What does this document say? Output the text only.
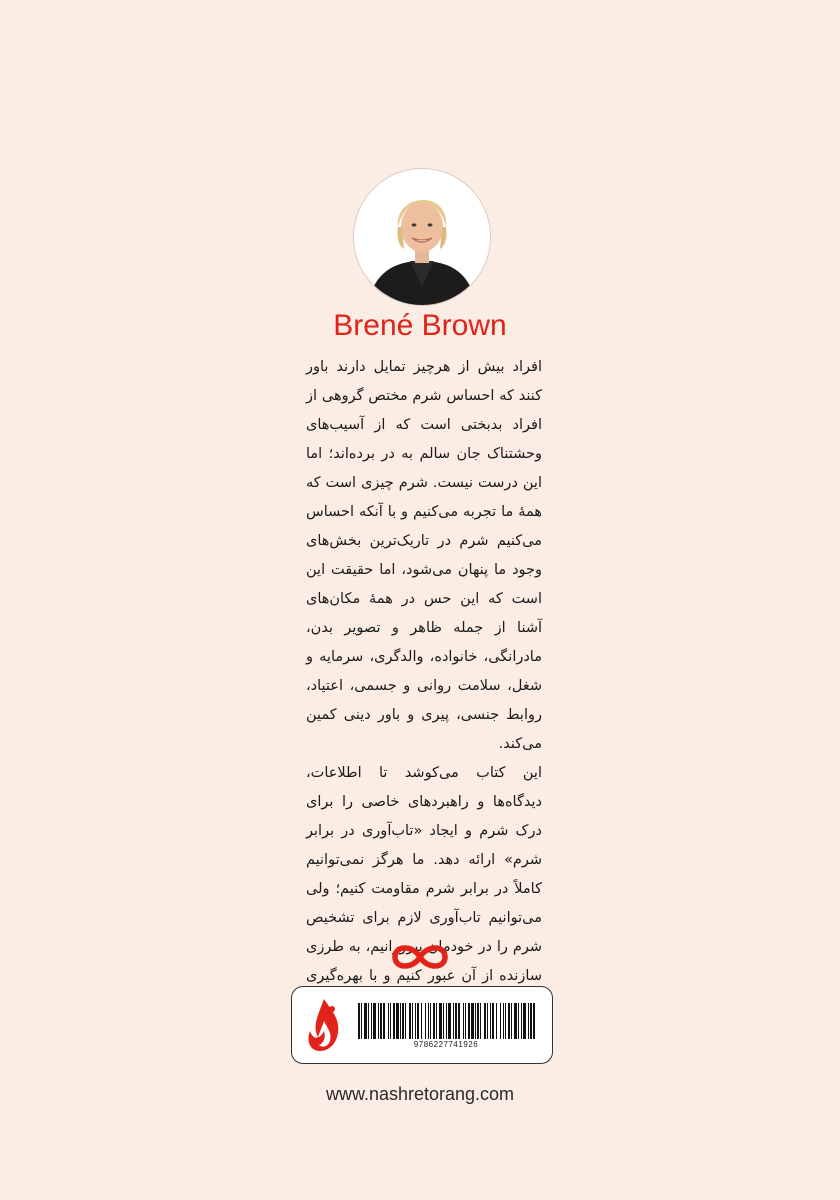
Brené Brown

افراد بیش از هرچیز تمایل دارند باور کنند که احساس شرم مختص گروهی از افراد بدبختی است که از آسیب‌های وحشتناک جان سالم به در برده‌اند؛ اما این درست نیست. شرم چیزی است که همهٔ ما تجربه می‌کنیم و با آنکه احساس می‌کنیم شرم در تاریک‌ترین بخش‌های وجود ما پنهان می‌شود، اما حقیقت این است که این حس در همهٔ مکان‌های آشنا از جمله ظاهر و تصویر بدن، مادرانگی، خانواده، والدگری، سرمایه و شغل، سلامت روانی و جسمی، اعتیاد، روابط جنسی، پیری و باور دینی کمین می‌کند.

این کتاب می‌کوشد تا اطلاعات، دیدگاه‌ها و راهبردهای خاصی را برای درک شرم و ایجاد «تاب‌آوری در برابر شرم» ارائه دهد. ما هرگز نمی‌توانیم کاملاً در برابر شرم مقاومت کنیم؛ ولی می‌توانیم تاب‌آوری لازم برای تشخیص شرم را در خودمان بپرورانیم، به طرزی سازنده از آن عبور کنیم و با بهره‌گیری

9786227741926
www.nashretorang.com
